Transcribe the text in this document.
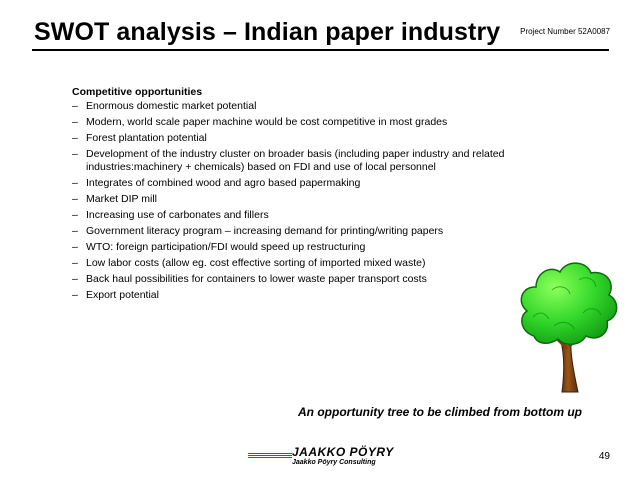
SWOT analysis – Indian paper industry Project Number 52A0087
Competitive opportunities
– Enormous domestic market potential
– Modern, world scale paper machine would be cost competitive in most grades
– Forest plantation potential
– Development of the industry cluster on broader basis (including paper industry and related industries:machinery + chemicals) based on FDI and use of local personnel
– Integrates of combined wood and agro based papermaking
– Market DIP mill
– Increasing use of carbonates and fillers
– Government literacy program – increasing demand for printing/writing papers
– WTO: foreign participation/FDI would speed up restructuring
– Low labor costs (allow eg. cost effective sorting of imported mixed waste)
– Back haul possibilities for containers to lower waste paper transport costs
– Export potential
An opportunity tree to be climbed from bottom up
JAAKKO PÖYRY
Jaakko Pöyry Consulting
49
